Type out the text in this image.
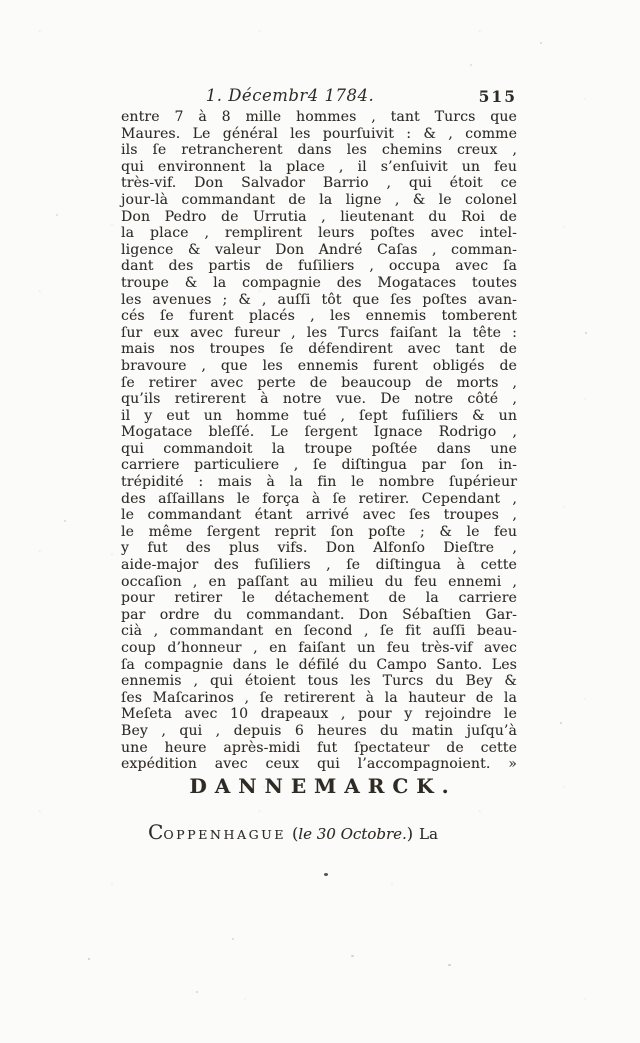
1. Décembr4 1784.	515
entre 7 à 8 mille hommes , tant Turcs que
Maures. Le général les pourſuivit : & , comme
ils ſe retrancherent dans les chemins creux ,
qui environnent la place , il s’enſuivit un feu
très-vif. Don Salvador Barrio , qui étoit ce
jour-là commandant de la ligne , & le colonel
Don Pedro de Urrutia , lieutenant du Roi de
la place , remplirent leurs poſtes avec intel-
ligence & valeur Don André Caſas , comman-
dant des partis de fuſiliers , occupa avec ſa
troupe & la compagnie des Mogataces toutes
les avenues ; & , auſſi tôt que ſes poſtes avan-
cés ſe furent placés , les ennemis tomberent
ſur eux avec fureur , les Turcs faiſant la tête :
mais nos troupes ſe défendirent avec tant de
bravoure , que les ennemis furent obligés de
ſe retirer avec perte de beaucoup de morts ,
qu’ils retirerent à notre vue. De notre côté ,
il y eut un homme tué , ſept fuſiliers & un
Mogatace bleſſé. Le ſergent Ignace Rodrigo ,
qui commandoit la troupe poſtée dans une
carriere particuliere , ſe diſtingua par ſon in-
trépidité : mais à la fin le nombre ſupérieur
des aſſaillans le força à ſe retirer. Cependant ,
le commandant étant arrivé avec ſes troupes ,
le même ſergent reprit ſon poſte ; & le feu
y fut des plus vifs. Don Alfonſo Dieſtre ,
aide-major des fuſiliers , ſe diſtingua à cette
occaſion , en paſſant au milieu du feu ennemi ,
pour retirer le détachement de la carriere
par ordre du commandant. Don Sébaſtien Gar-
cià , commandant en ſecond , ſe fit auſſi beau-
coup d’honneur , en faiſant un feu très-vif avec
ſa compagnie dans le défilé du Campo Santo. Les
ennemis , qui étoient tous les Turcs du Bey &
ſes Maſcarinos , ſe retirerent à la hauteur de la
Meſeta avec 10 drapeaux , pour y rejoindre le
Bey , qui , depuis 6 heures du matin juſqu’à
une heure après-midi fut ſpectateur de cette
expédition avec ceux qui l’accompagnoient. »
DANNEMARCK.
COPPENHAGUE (le 30 Octobre.) La
